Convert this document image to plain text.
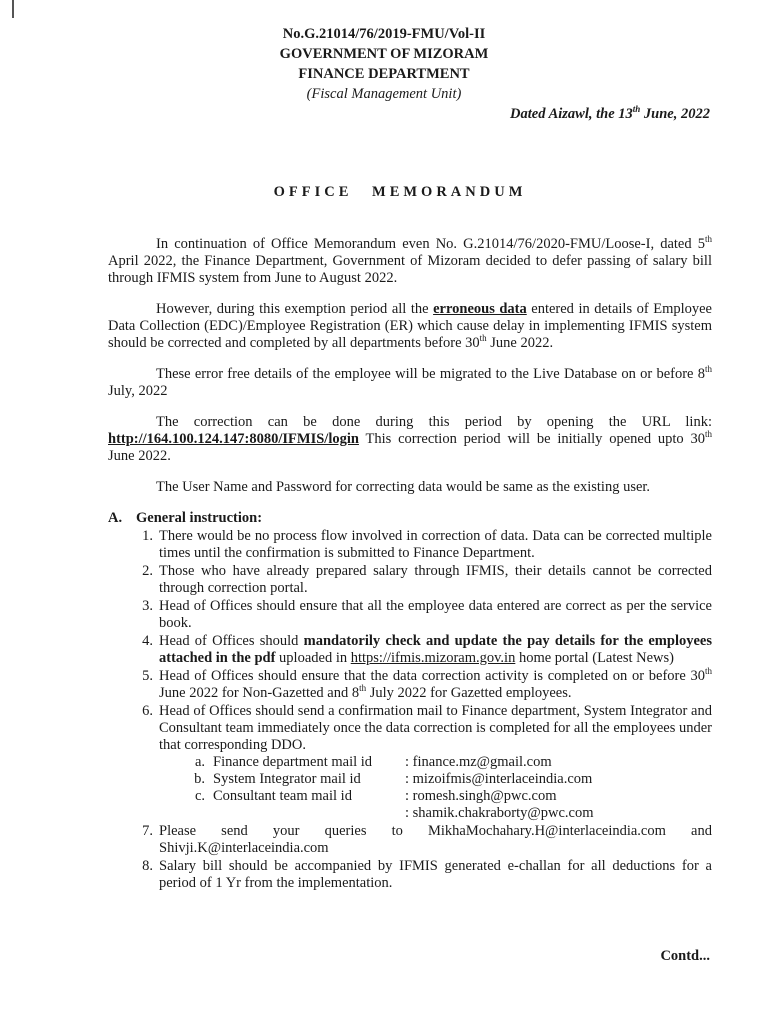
No.G.21014/76/2019-FMU/Vol-II
GOVERNMENT OF MIZORAM
FINANCE DEPARTMENT
(Fiscal Management Unit)
Dated Aizawl, the 13th June, 2022
OFFICE MEMORANDUM

In continuation of Office Memorandum even No. G.21014/76/2020-FMU/Loose-I, dated 5th April 2022, the Finance Department, Government of Mizoram decided to defer passing of salary bill through IFMIS system from June to August 2022.

However, during this exemption period all the erroneous data entered in details of Employee Data Collection (EDC)/Employee Registration (ER) which cause delay in implementing IFMIS system should be corrected and completed by all departments before 30th June 2022.

These error free details of the employee will be migrated to the Live Database on or before 8th July, 2022

The correction can be done during this period by opening the URL link: http://164.100.124.147:8080/IFMIS/login This correction period will be initially opened upto 30th June 2022.

The User Name and Password for correcting data would be same as the existing user.

A. General instruction:
1. There would be no process flow involved in correction of data. Data can be corrected multiple times until the confirmation is submitted to Finance Department.
2. Those who have already prepared salary through IFMIS, their details cannot be corrected through correction portal.
3. Head of Offices should ensure that all the employee data entered are correct as per the service book.
4. Head of Offices should mandatorily check and update the pay details for the employees attached in the pdf uploaded in https://ifmis.mizoram.gov.in home portal (Latest News)
5. Head of Offices should ensure that the data correction activity is completed on or before 30th June 2022 for Non-Gazetted and 8th July 2022 for Gazetted employees.
6. Head of Offices should send a confirmation mail to Finance department, System Integrator and Consultant team immediately once the data correction is completed for all the employees under that corresponding DDO.
a. Finance department mail id	: finance.mz@gmail.com
b. System Integrator mail id	: mizoifmis@interlaceindia.com
c. Consultant team mail id	: romesh.singh@pwc.com
: shamik.chakraborty@pwc.com
7. Please send your queries to MikhaMochahary.H@interlaceindia.com and
Shivji.K@interlaceindia.com
8. Salary bill should be accompanied by IFMIS generated e-challan for all deductions for a period of 1 Yr from the implementation.
Contd...
